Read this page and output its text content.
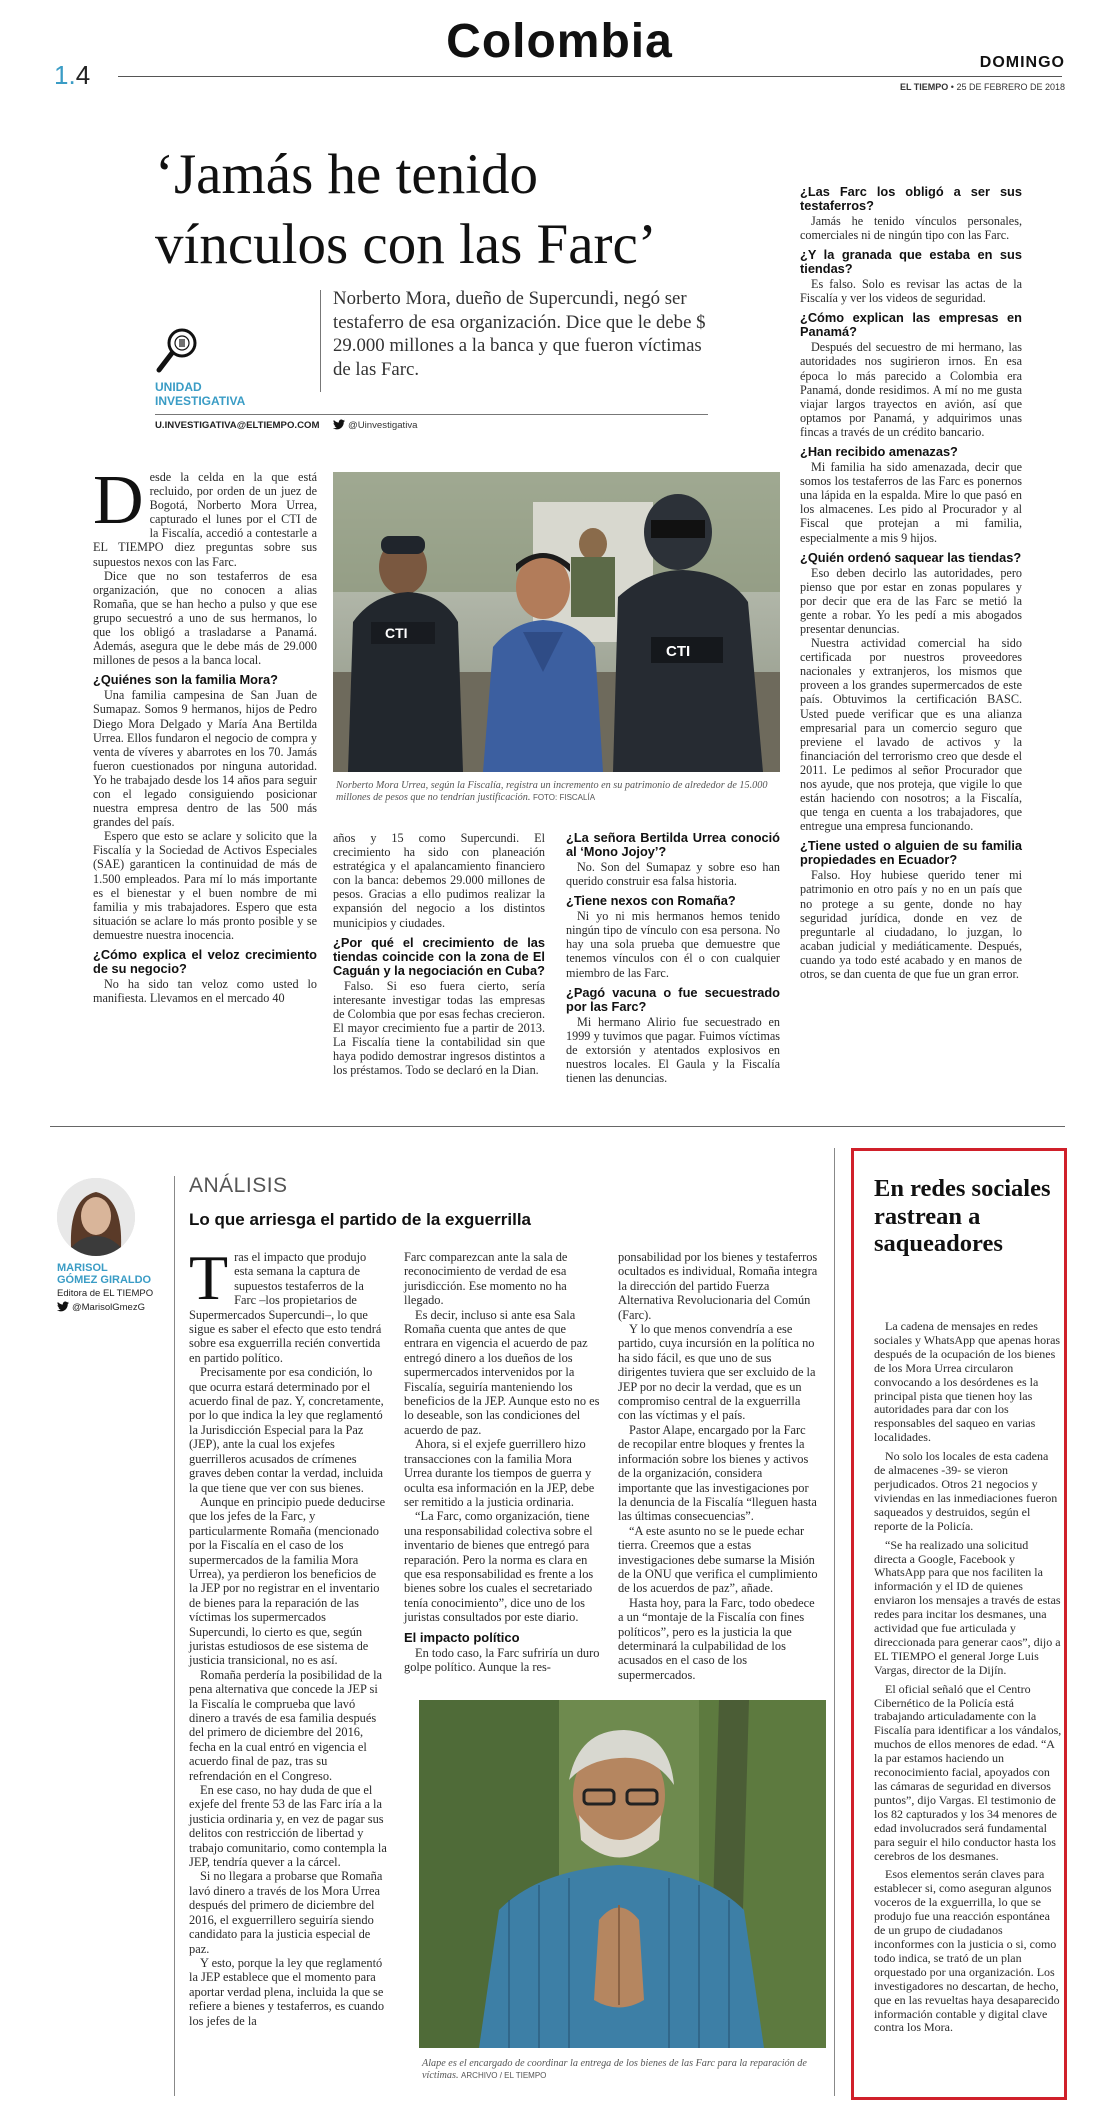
1.4
Colombia	DOMINGO
EL TIEMPO • 25 DE FEBRERO DE 2018
‘Jamás he tenido
vínculos con las Farc’
UNIDAD
INVESTIGATIVA
Norberto Mora, dueño de Supercundi, negó ser testaferro de esa organización. Dice que le debe $ 29.000 millones a la banca y que fueron víctimas de las Farc.
U.INVESTIGATIVA@ELTIEMPO.COM	@Uinvestigativa

Desde la celda en la que está recluido, por orden de un juez de Bogotá, Norberto Mora Urrea, capturado el lunes por el CTI de la Fiscalía, accedió a contestarle a EL TIEMPO diez preguntas sobre sus supuestos nexos con las Farc.

Dice que no son testaferros de esa organización, que no conocen a alias Romaña, que se han hecho a pulso y que ese grupo secuestró a uno de sus hermanos, lo que los obligó a trasladarse a Panamá. Además, asegura que le debe más de 29.000 millones de pesos a la banca local.

¿Quiénes son la familia Mora?

Una familia campesina de San Juan de Sumapaz. Somos 9 hermanos, hijos de Pedro Diego Mora Delgado y María Ana Bertilda Urrea. Ellos fundaron el negocio de compra y venta de víveres y abarrotes en los 70. Jamás fueron cuestionados por ninguna autoridad. Yo he trabajado desde los 14 años para seguir con el legado consiguiendo posicionar nuestra empresa dentro de las 500 más grandes del país.

Espero que esto se aclare y solicito que la Fiscalía y la Sociedad de Activos Especiales (SAE) garanticen la continuidad de más de 1.500 empleados. Para mí lo más importante es el bienestar y el buen nombre de mi familia y mis trabajadores. Espero que esta situación se aclare lo más pronto posible y se demuestre nuestra inocencia.

¿Cómo explica el veloz crecimiento de su negocio?

No ha sido tan veloz como usted lo manifiesta. Llevamos en el mercado 40

CTI
CTI
Norberto Mora Urrea, según la Fiscalía, registra un incremento en su patrimonio de alrededor de 15.000 millones de pesos que no tendrían justificación. FOTO: FISCALÍA

años y 15 como Supercundi. El crecimiento ha sido con planeación estratégica y el apalancamiento financiero con la banca: debemos 29.000 millones de pesos. Gracias a ello pudimos realizar la expansión del negocio a los distintos municipios y ciudades.

¿Por qué el crecimiento de las tiendas coincide con la zona de El Caguán y la negociación en Cuba?

Falso. Si eso fuera cierto, sería interesante investigar todas las empresas de Colombia que por esas fechas crecieron. El mayor crecimiento fue a partir de 2013. La Fiscalía tiene la contabilidad sin que haya podido demostrar ingresos distintos a los préstamos. Todo se declaró en la Dian.

¿La señora Bertilda Urrea conoció al ‘Mono Jojoy’?

No. Son del Sumapaz y sobre eso han querido construir esa falsa historia.

¿Tiene nexos con Romaña?

Ni yo ni mis hermanos hemos tenido ningún tipo de vínculo con esa persona. No hay una sola prueba que demuestre que tenemos vínculos con él o con cualquier miembro de las Farc.

¿Pagó vacuna o fue secuestrado por las Farc?

Mi hermano Alirio fue secuestrado en 1999 y tuvimos que pagar. Fuimos víctimas de extorsión y atentados explosivos en nuestros locales. El Gaula y la Fiscalía tienen las denuncias.

¿Las Farc los obligó a ser sus testaferros?

Jamás he tenido vínculos personales, comerciales ni de ningún tipo con las Farc.

¿Y la granada que estaba en sus tiendas?

Es falso. Solo es revisar las actas de la Fiscalía y ver los videos de seguridad.

¿Cómo explican las empresas en Panamá?

Después del secuestro de mi hermano, las autoridades nos sugirieron irnos. En esa época lo más parecido a Colombia era Panamá, donde residimos. A mí no me gusta viajar largos trayectos en avión, así que optamos por Panamá, y adquirimos unas fincas a través de un crédito bancario.

¿Han recibido amenazas?

Mi familia ha sido amenazada, decir que somos los testaferros de las Farc es ponernos una lápida en la espalda. Mire lo que pasó en los almacenes. Les pido al Procurador y al Fiscal que protejan a mi familia, especialmente a mis 9 hijos.

¿Quién ordenó saquear las tiendas?

Eso deben decirlo las autoridades, pero pienso que por estar en zonas populares y por decir que era de las Farc se metió la gente a robar. Yo les pedí a mis abogados presentar denuncias.

Nuestra actividad comercial ha sido certificada por nuestros proveedores nacionales y extranjeros, los mismos que proveen a los grandes supermercados de este país. Obtuvimos la certificación BASC. Usted puede verificar que es una alianza empresarial para un comercio seguro que previene el lavado de activos y la financiación del terrorismo creo que desde el 2011. Le pedimos al señor Procurador que nos ayude, que nos proteja, que vigile lo que están haciendo con nosotros; a la Fiscalía, que tenga en cuenta a los trabajadores, que entregue una empresa funcionando.

¿Tiene usted o alguien de su familia propiedades en Ecuador?

Falso. Hoy hubiese querido tener mi patrimonio en otro país y no en un país que no protege a su gente, donde no hay seguridad jurídica, donde en vez de preguntarle al ciudadano, lo juzgan, lo acaban judicial y mediáticamente. Después, cuando ya todo esté acabado y en manos de otros, se dan cuenta de que fue un gran error.

MARISOL
GÓMEZ GIRALDO
Editora de EL TIEMPO
@MarisolGmezG
ANÁLISIS
Lo que arriesga el partido de la exguerrilla

Tras el impacto que produjo esta semana la captura de supuestos testaferros de la Farc –los propietarios de Supermercados Supercundi–, lo que sigue es saber el efecto que esto tendrá sobre esa exguerrilla recién convertida en partido político.

Precisamente por esa condición, lo que ocurra estará determinado por el acuerdo final de paz. Y, concretamente, por lo que indica la ley que reglamentó la Jurisdicción Especial para la Paz (JEP), ante la cual los exjefes guerrilleros acusados de crímenes graves deben contar la verdad, incluida la que tiene que ver con sus bienes.

Aunque en principio puede deducirse que los jefes de la Farc, y particularmente Romaña (mencionado por la Fiscalía en el caso de los supermercados de la familia Mora Urrea), ya perdieron los beneficios de la JEP por no registrar en el inventario de bienes para la reparación de las víctimas los supermercados Supercundi, lo cierto es que, según juristas estudiosos de ese sistema de justicia transicional, no es así.

Romaña perdería la posibilidad de la pena alternativa que concede la JEP si la Fiscalía le comprueba que lavó dinero a través de esa familia después del primero de diciembre del 2016, fecha en la cual entró en vigencia el acuerdo final de paz, tras su refrendación en el Congreso.

En ese caso, no hay duda de que el exjefe del frente 53 de las Farc iría a la justicia ordinaria y, en vez de pagar sus delitos con restricción de libertad y trabajo comunitario, como contempla la JEP, tendría quever a la cárcel.

Si no llegara a probarse que Romaña lavó dinero a través de los Mora Urrea después del primero de diciembre del 2016, el exguerrillero seguiría siendo candidato para la justicia especial de paz.

Y esto, porque la ley que reglamentó la JEP establece que el momento para aportar verdad plena, incluida la que se refiere a bienes y testaferros, es cuando los jefes de la

Farc comparezcan ante la sala de reconocimiento de verdad de esa jurisdicción. Ese momento no ha llegado.

Es decir, incluso si ante esa Sala Romaña cuenta que antes de que entrara en vigencia el acuerdo de paz entregó dinero a los dueños de los supermercados intervenidos por la Fiscalía, seguiría manteniendo los beneficios de la JEP. Aunque esto no es lo deseable, son las condiciones del acuerdo de paz.

Ahora, si el exjefe guerrillero hizo transacciones con la familia Mora Urrea durante los tiempos de guerra y oculta esa información en la JEP, debe ser remitido a la justicia ordinaria.

“La Farc, como organización, tiene una responsabilidad colectiva sobre el inventario de bienes que entregó para reparación. Pero la norma es clara en que esa responsabilidad es frente a los bienes sobre los cuales el secretariado tenía conocimiento”, dice uno de los juristas consultados por este diario.

El impacto político

En todo caso, la Farc sufriría un duro golpe político. Aunque la res-

ponsabilidad por los bienes y testaferros ocultados es individual, Romaña integra la dirección del partido Fuerza Alternativa Revolucionaria del Común (Farc).

Y lo que menos convendría a ese partido, cuya incursión en la política no ha sido fácil, es que uno de sus dirigentes tuviera que ser excluido de la JEP por no decir la verdad, que es un compromiso central de la exguerrilla con las víctimas y el país.

Pastor Alape, encargado por la Farc de recopilar entre bloques y frentes la información sobre los bienes y activos de la organización, considera importante que las investigaciones por la denuncia de la Fiscalía “lleguen hasta las últimas consecuencias”.

“A este asunto no se le puede echar tierra. Creemos que a estas investigaciones debe sumarse la Misión de la ONU que verifica el cumplimiento de los acuerdos de paz”, añade.

Hasta hoy, para la Farc, todo obedece a un “montaje de la Fiscalía con fines políticos”, pero es la justicia la que determinará la culpabilidad de los acusados en el caso de los supermercados.

Alape es el encargado de coordinar la entrega de los bienes de las Farc para la reparación de víctimas. ARCHIVO / EL TIEMPO
En redes sociales rastrean a saqueadores

La cadena de mensajes en redes sociales y WhatsApp que apenas horas después de la ocupación de los bienes de los Mora Urrea circularon convocando a los desórdenes es la principal pista que tienen hoy las autoridades para dar con los responsables del saqueo en varias localidades.

No solo los locales de esta cadena de almacenes -39- se vieron perjudicados. Otros 21 negocios y viviendas en las inmediaciones fueron saqueados y destruidos, según el reporte de la Policía.

“Se ha realizado una solicitud directa a Google, Facebook y WhatsApp para que nos faciliten la información y el ID de quienes enviaron los mensajes a través de estas redes para incitar los desmanes, una actividad que fue articulada y direccionada para generar caos”, dijo a EL TIEMPO el general Jorge Luis Vargas, director de la Dijín.

El oficial señaló que el Centro Cibernético de la Policía está trabajando articuladamente con la Fiscalía para identificar a los vándalos, muchos de ellos menores de edad. “A la par estamos haciendo un reconocimiento facial, apoyados con las cámaras de seguridad en diversos puntos”, dijo Vargas. El testimonio de los 82 capturados y los 34 menores de edad involucrados será fundamental para seguir el hilo conductor hasta los cerebros de los desmanes.

Esos elementos serán claves para establecer si, como aseguran algunos voceros de la exguerrilla, lo que se produjo fue una reacción espontánea de un grupo de ciudadanos inconformes con la justicia o si, como todo indica, se trató de un plan orquestado por una organización. Los investigadores no descartan, de hecho, que en las revueltas haya desaparecido información contable y digital clave contra los Mora.
